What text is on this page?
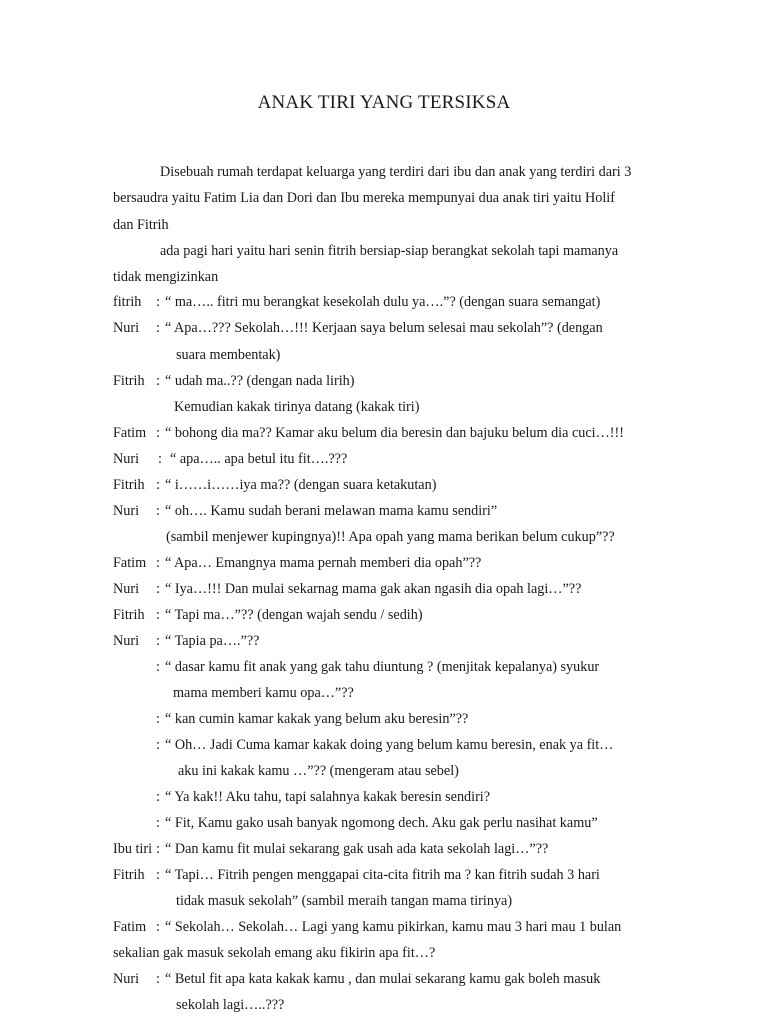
ANAK TIRI YANG TERSIKSA
Disebuah rumah terdapat keluarga yang terdiri dari ibu dan anak yang terdiri dari 3
bersaudra yaitu Fatim Lia dan Dori dan Ibu mereka mempunyai dua anak tiri yaitu Holif
dan Fitrih
ada pagi hari yaitu hari senin fitrih bersiap-siap berangkat sekolah tapi mamanya
tidak mengizinkan
fitrih : “ ma….. fitri mu berangkat kesekolah dulu ya….”? (dengan suara semangat)
Nuri : “ Apa…??? Sekolah…!!! Kerjaan saya belum selesai mau sekolah”? (dengan
suara membentak)
Fitrih : “ udah ma..?? (dengan nada lirih)
Kemudian kakak tirinya datang (kakak tiri)
Fatim : “ bohong dia ma?? Kamar aku belum dia beresin dan bajuku belum dia cuci…!!!
Nuri : “ apa….. apa betul itu fit….???
Fitrih : “ i……i……iya ma?? (dengan suara ketakutan)
Nuri : “ oh…. Kamu sudah berani melawan mama kamu sendiri”
(sambil menjewer kupingnya)!! Apa opah yang mama berikan belum cukup”??
Fatim : “ Apa… Emangnya mama pernah memberi dia opah”??
Nuri : “ Iya…!!! Dan mulai sekarnag mama gak akan ngasih dia opah lagi…”??
Fitrih : “ Tapi ma…”?? (dengan wajah sendu / sedih)
Nuri : “ Tapia pa….”??
: “ dasar kamu fit anak yang gak tahu diuntung ? (menjitak kepalanya) syukur
mama memberi kamu opa…”??
: “ kan cumin kamar kakak yang belum aku beresin”??
: “ Oh… Jadi Cuma kamar kakak doing yang belum kamu beresin, enak ya fit…
aku ini kakak kamu …”?? (mengeram atau sebel)
: “ Ya kak!! Aku tahu, tapi salahnya kakak beresin sendiri?
: “ Fit, Kamu gako usah banyak ngomong dech. Aku gak perlu nasihat kamu”
Ibu tiri : “ Dan kamu fit mulai sekarang gak usah ada kata sekolah lagi…”??
Fitrih : “ Tapi… Fitrih pengen menggapai cita-cita fitrih ma ? kan fitrih sudah 3 hari
tidak masuk sekolah” (sambil meraih tangan mama tirinya)
Fatim : “ Sekolah… Sekolah… Lagi yang kamu pikirkan, kamu mau 3 hari mau 1 bulan
sekalian gak masuk sekolah emang aku fikirin apa fit…?
Nuri : “ Betul fit apa kata kakak kamu , dan mulai sekarang kamu gak boleh masuk
sekolah lagi…..???
